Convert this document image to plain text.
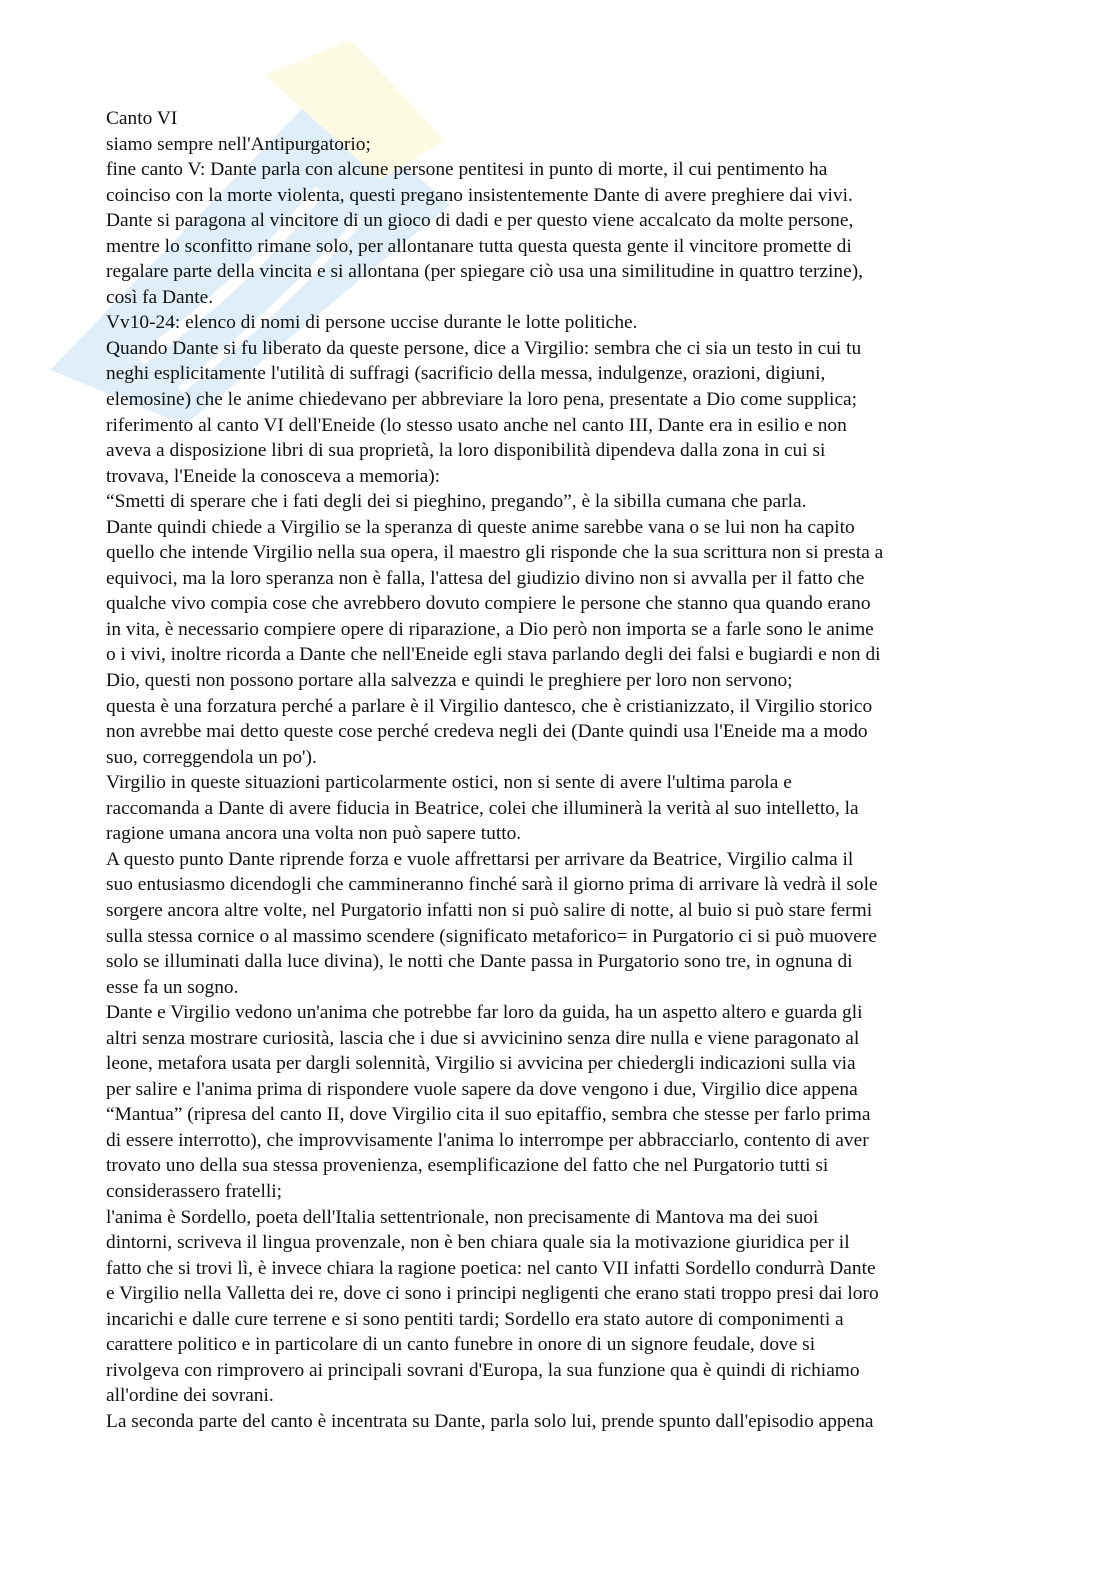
Canto VI
siamo sempre nell'Antipurgatorio;
fine canto V: Dante parla con alcune persone pentitesi in punto di morte, il cui pentimento ha
coinciso con la morte violenta, questi pregano insistentemente Dante di avere preghiere dai vivi.
Dante si paragona al vincitore di un gioco di dadi e per questo viene accalcato da molte persone,
mentre lo sconfitto rimane solo, per allontanare tutta questa questa gente il vincitore promette di
regalare parte della vincita e si allontana (per spiegare ciò usa una similitudine in quattro terzine),
così fa Dante.
Vv10-24: elenco di nomi di persone uccise durante le lotte politiche.
Quando Dante si fu liberato da queste persone, dice a Virgilio: sembra che ci sia un testo in cui tu
neghi esplicitamente l'utilità di suffragi (sacrificio della messa, indulgenze, orazioni, digiuni,
elemosine) che le anime chiedevano per abbreviare la loro pena, presentate a Dio come supplica;
riferimento al canto VI dell'Eneide (lo stesso usato anche nel canto III, Dante era in esilio e non
aveva a disposizione libri di sua proprietà, la loro disponibilità dipendeva dalla zona in cui si
trovava, l'Eneide la conosceva a memoria):
“Smetti di sperare che i fati degli dei si pieghino, pregando”, è la sibilla cumana che parla.
Dante quindi chiede a Virgilio se la speranza di queste anime sarebbe vana o se lui non ha capito
quello che intende Virgilio nella sua opera, il maestro gli risponde che la sua scrittura non si presta a
equivoci, ma la loro speranza non è falla, l'attesa del giudizio divino non si avvalla per il fatto che
qualche vivo compia cose che avrebbero dovuto compiere le persone che stanno qua quando erano
in vita, è necessario compiere opere di riparazione, a Dio però non importa se a farle sono le anime
o i vivi, inoltre ricorda a Dante che nell'Eneide egli stava parlando degli dei falsi e bugiardi e non di
Dio, questi non possono portare alla salvezza e quindi le preghiere per loro non servono;
questa è una forzatura perché a parlare è il Virgilio dantesco, che è cristianizzato, il Virgilio storico
non avrebbe mai detto queste cose perché credeva negli dei (Dante quindi usa l'Eneide ma a modo
suo, correggendola un po').
Virgilio in queste situazioni particolarmente ostici, non si sente di avere l'ultima parola e
raccomanda a Dante di avere fiducia in Beatrice, colei che illuminerà la verità al suo intelletto, la
ragione umana ancora una volta non può sapere tutto.
A questo punto Dante riprende forza e vuole affrettarsi per arrivare da Beatrice, Virgilio calma il
suo entusiasmo dicendogli che cammineranno finché sarà il giorno prima di arrivare là vedrà il sole
sorgere ancora altre volte, nel Purgatorio infatti non si può salire di notte, al buio si può stare fermi
sulla stessa cornice o al massimo scendere (significato metaforico= in Purgatorio ci si può muovere
solo se illuminati dalla luce divina), le notti che Dante passa in Purgatorio sono tre, in ognuna di
esse fa un sogno.
Dante e Virgilio vedono un'anima che potrebbe far loro da guida, ha un aspetto altero e guarda gli
altri senza mostrare curiosità, lascia che i due si avvicinino senza dire nulla e viene paragonato al
leone, metafora usata per dargli solennità, Virgilio si avvicina per chiedergli indicazioni sulla via
per salire e l'anima prima di rispondere vuole sapere da dove vengono i due, Virgilio dice appena
“Mantua” (ripresa del canto II, dove Virgilio cita il suo epitaffio, sembra che stesse per farlo prima
di essere interrotto), che improvvisamente l'anima lo interrompe per abbracciarlo, contento di aver
trovato uno della sua stessa provenienza, esemplificazione del fatto che nel Purgatorio tutti si
considerassero fratelli;
l'anima è Sordello, poeta dell'Italia settentrionale, non precisamente di Mantova ma dei suoi
dintorni, scriveva il lingua provenzale, non è ben chiara quale sia la motivazione giuridica per il
fatto che si trovi lì, è invece chiara la ragione poetica: nel canto VII infatti Sordello condurrà Dante
e Virgilio nella Valletta dei re, dove ci sono i principi negligenti che erano stati troppo presi dai loro
incarichi e dalle cure terrene e si sono pentiti tardi; Sordello era stato autore di componimenti a
carattere politico e in particolare di un canto funebre in onore di un signore feudale, dove si
rivolgeva con rimprovero ai principali sovrani d'Europa, la sua funzione qua è quindi di richiamo
all'ordine dei sovrani.
La seconda parte del canto è incentrata su Dante, parla solo lui, prende spunto dall'episodio appena
